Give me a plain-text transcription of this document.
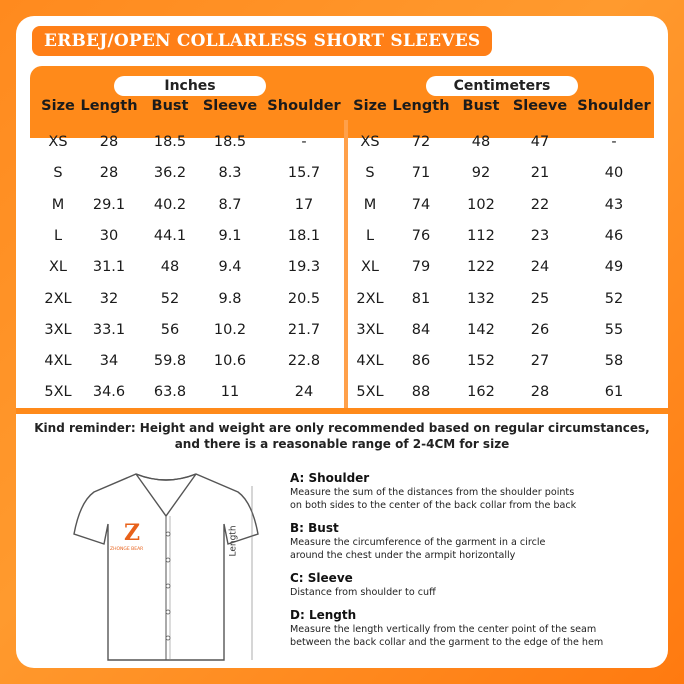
ERBEJ/OPEN COLLARLESS SHORT SLEEVES
Inches	Centimeters
Size Length Bust Sleeve Shoulder Size Length Bust Sleeve Shoulder
XS	28	18.5	18.5	-
S	28	36.2	8.3	15.7
M	29.1	40.2	8.7	17
L	30	44.1	9.1	18.1
XL	31.1	48	9.4	19.3
2XL	32	52	9.8	20.5
3XL	33.1	56	10.2	21.7
4XL	34	59.8	10.6	22.8
5XL	34.6	63.8	11	24
XS	72	48	47	-
S	71	92	21	40
M	74	102	22	43
L	76	112	23	46
XL	79	122	24	49
2XL	81	132	25	52
3XL	84	142	26	55
4XL	86	152	27	58
5XL	88	162	28	61
Kind reminder: Height and weight are only recommended based on regular circumstances,
and there is a reasonable range of 2-4CM for size
Z
ZHONGE BEAR	Length

A: Shoulder

Measure the sum of the distances from the shoulder points
on both sides to the center of the back collar from the back

B: Bust

Measure the circumference of the garment in a circle
around the chest under the armpit horizontally

C: Sleeve

Distance from shoulder to cuff

D: Length

Measure the length vertically from the center point of the seam
between the back collar and the garment to the edge of the hem
